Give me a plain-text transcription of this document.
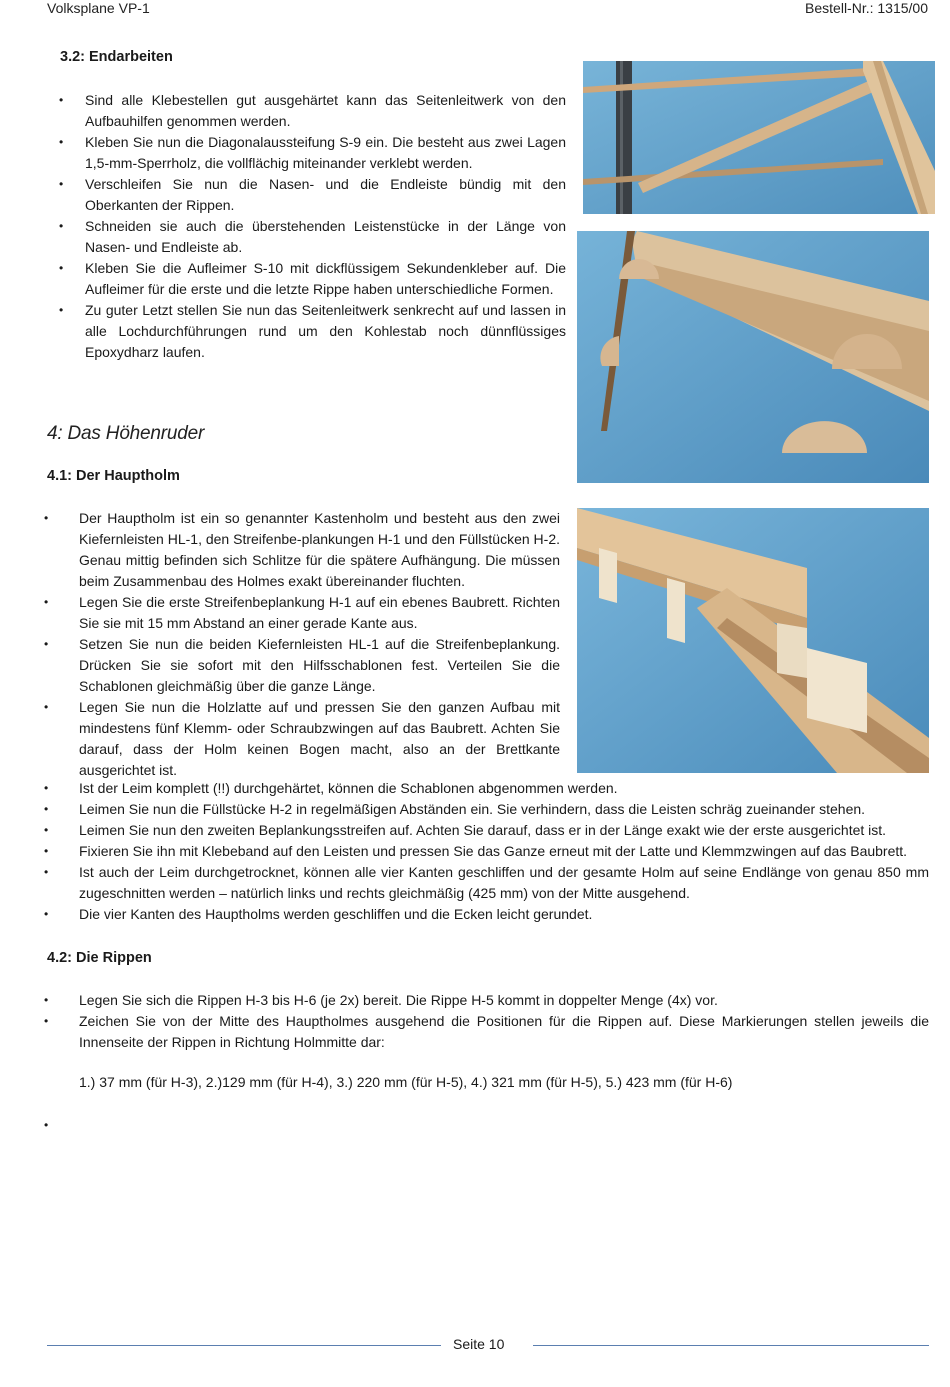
Volksplane VP-1	Bestell-Nr.: 1315/00
3.2: Endarbeiten
• Sind alle Klebestellen gut ausgehärtet kann das Seitenleitwerk von den Aufbauhilfen genommen werden.
• Kleben Sie nun die Diagonalaussteifung S-9 ein. Die besteht aus zwei Lagen 1,5-mm-Sperrholz, die vollflächig miteinander verklebt werden.
• Verschleifen Sie nun die Nasen- und die Endleiste bündig mit den Oberkanten der Rippen.
• Schneiden sie auch die überstehenden Leistenstücke in der Länge von Nasen- und Endleiste ab.
• Kleben Sie die Aufleimer S-10 mit dickflüssigem Sekundenkleber auf. Die Aufleimer für die erste und die letzte Rippe haben unterschiedliche Formen.
• Zu guter Letzt stellen Sie nun das Seitenleitwerk senkrecht auf und lassen in alle Lochdurchführungen rund um den Kohlestab noch dünnflüssiges Epoxydharz laufen.
4: Das Höhenruder
4.1: Der Hauptholm
• Der Hauptholm ist ein so genannter Kastenholm und besteht aus den zwei Kiefernleisten HL-1, den Streifenbe-plankungen H-1 und den Füllstücken H-2. Genau mittig befinden sich Schlitze für die spätere Aufhängung. Die müssen beim Zusammenbau des Holmes exakt übereinander fluchten.
• Legen Sie die erste Streifenbeplankung H-1 auf ein ebenes Baubrett. Richten Sie sie mit 15 mm Abstand an einer gerade Kante aus.
• Setzen Sie nun die beiden Kiefernleisten HL-1 auf die Streifenbeplankung. Drücken Sie sie sofort mit den Hilfsschablonen fest. Verteilen Sie die Schablonen gleichmäßig über die ganze Länge.
• Legen Sie nun die Holzlatte auf und pressen Sie den ganzen Aufbau mit mindestens fünf Klemm- oder Schraubzwingen auf das Baubrett. Achten Sie darauf, dass der Holm keinen Bogen macht, also an der Brettkante ausgerichtet ist.
• Ist der Leim komplett (!!) durchgehärtet, können die Schablonen abgenommen werden.
• Leimen Sie nun die Füllstücke H-2 in regelmäßigen Abständen ein. Sie verhindern, dass die Leisten schräg zueinander stehen.
• Leimen Sie nun den zweiten Beplankungsstreifen auf. Achten Sie darauf, dass er in der Länge exakt wie der erste ausgerichtet ist.
• Fixieren Sie ihn mit Klebeband auf den Leisten und pressen Sie das Ganze erneut mit der Latte und Klemmzwingen auf das Baubrett.
• Ist auch der Leim durchgetrocknet, können alle vier Kanten geschliffen und der gesamte Holm auf seine Endlänge von genau 850 mm zugeschnitten werden – natürlich links und rechts gleichmäßig (425 mm) von der Mitte ausgehend.
• Die vier Kanten des Hauptholms werden geschliffen und die Ecken leicht gerundet.
4.2: Die Rippen
• Legen Sie sich die Rippen H-3 bis H-6 (je 2x) bereit. Die Rippe H-5 kommt in doppelter Menge (4x) vor.
• Zeichen Sie von der Mitte des Hauptholmes ausgehend die Positionen für die Rippen auf. Diese Markierungen stellen jeweils die Innenseite der Rippen in Richtung Holmmitte dar:
1.) 37 mm (für H-3), 2.)129 mm (für H-4), 3.) 220 mm (für H-5), 4.) 321 mm (für H-5), 5.) 423 mm (für H-6)
•
Seite 10
